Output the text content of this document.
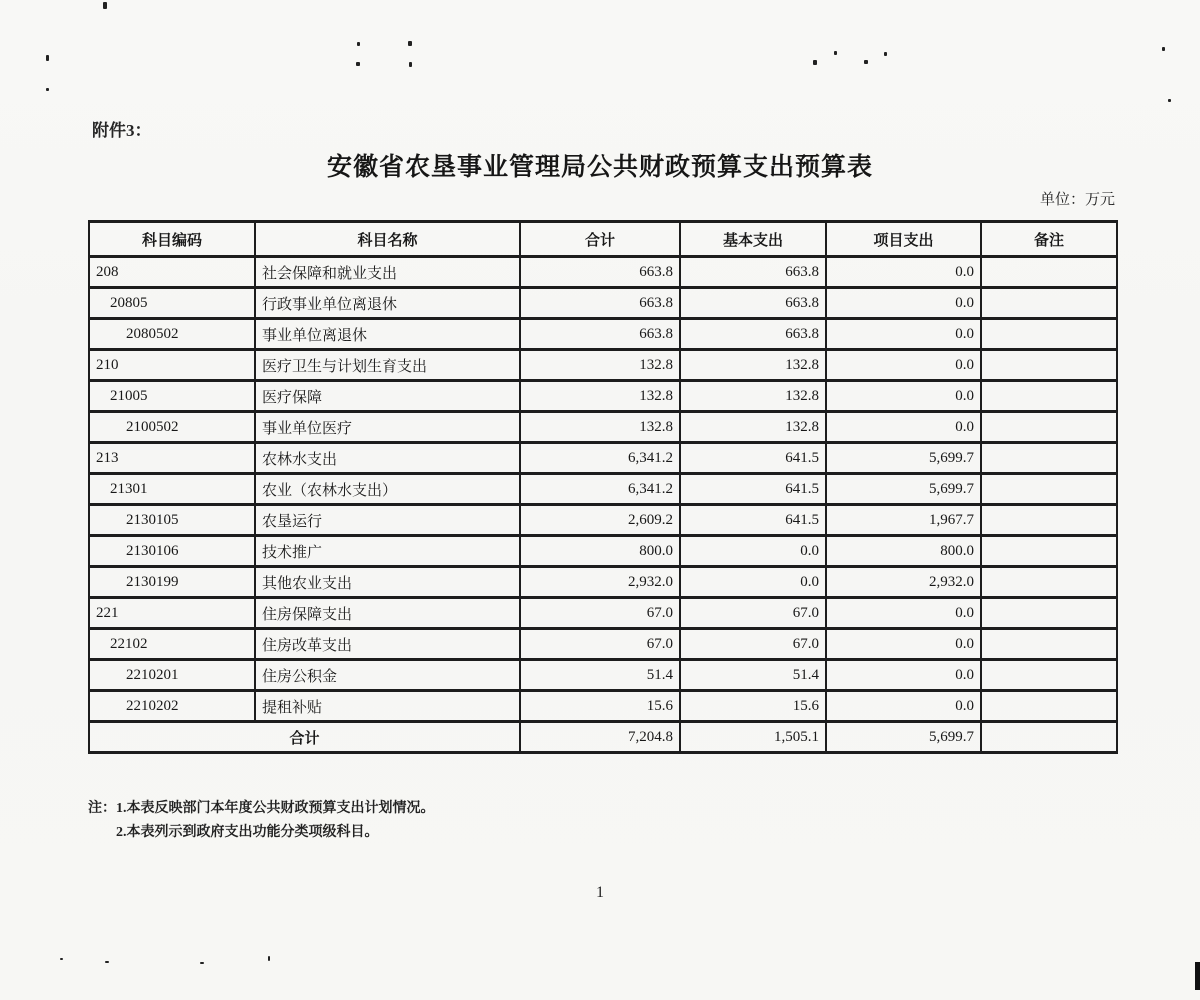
附件3：
安徽省农垦事业管理局公共财政预算支出预算表
单位：万元
科目编码	科目名称	合计	基本支出	项目支出	备注
208	社会保障和就业支出	663.8	663.8	0.0	
20805	行政事业单位离退休	663.8	663.8	0.0	
2080502	事业单位离退休	663.8	663.8	0.0	
210	医疗卫生与计划生育支出	132.8	132.8	0.0	
21005	医疗保障	132.8	132.8	0.0	
2100502	事业单位医疗	132.8	132.8	0.0	
213	农林水支出	6,341.2	641.5	5,699.7	
21301	农业（农林水支出）	6,341.2	641.5	5,699.7	
2130105	农垦运行	2,609.2	641.5	1,967.7	
2130106	技术推广	800.0	0.0	800.0	
2130199	其他农业支出	2,932.0	0.0	2,932.0	
221	住房保障支出	67.0	67.0	0.0	
22102	住房改革支出	67.0	67.0	0.0	
2210201	住房公积金	51.4	51.4	0.0	
2210202	提租补贴	15.6	15.6	0.0	
合计		7,204.8	1,505.1	5,699.7	
注：1.本表反映部门本年度公共财政预算支出计划情况。
2.本表列示到政府支出功能分类项级科目。
1
